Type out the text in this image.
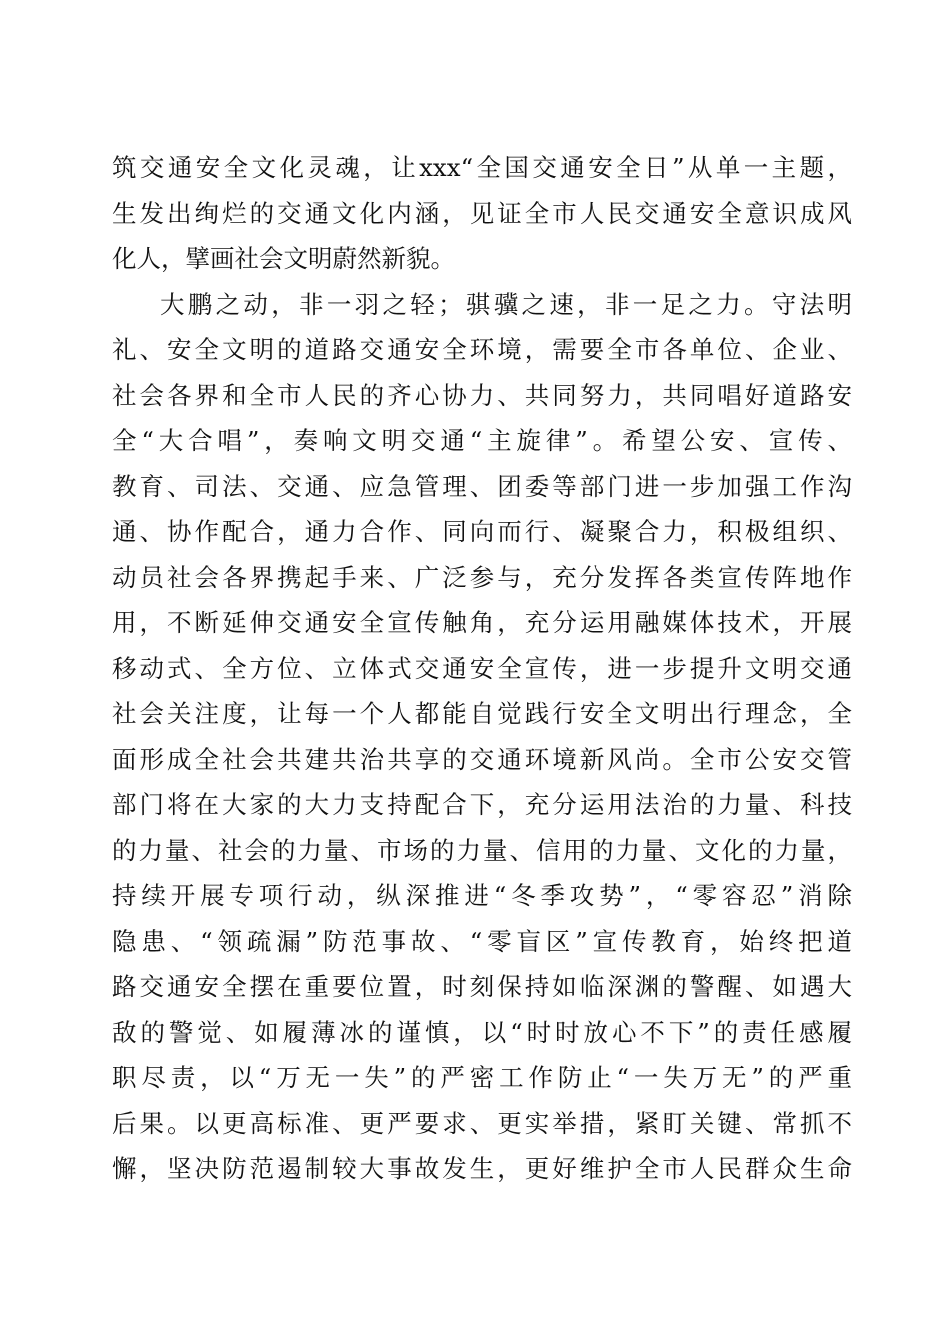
筑交通安全文化灵魂，让xxx“全国交通安全日”从单一主题，
生发出绚烂的交通文化内涵，见证全市人民交通安全意识成风
化人，擘画社会文明蔚然新貌。
大鹏之动，非一羽之轻；骐骥之速，非一足之力。守法明
礼、安全文明的道路交通安全环境，需要全市各单位、企业、
社会各界和全市人民的齐心协力、共同努力，共同唱好道路安
全“大合唱”，奏响文明交通“主旋律”。希望公安、宣传、
教育、司法、交通、应急管理、团委等部门进一步加强工作沟
通、协作配合，通力合作、同向而行、凝聚合力，积极组织、
动员社会各界携起手来、广泛参与，充分发挥各类宣传阵地作
用，不断延伸交通安全宣传触角，充分运用融媒体技术，开展
移动式、全方位、立体式交通安全宣传，进一步提升文明交通
社会关注度，让每一个人都能自觉践行安全文明出行理念，全
面形成全社会共建共治共享的交通环境新风尚。全市公安交管
部门将在大家的大力支持配合下，充分运用法治的力量、科技
的力量、社会的力量、市场的力量、信用的力量、文化的力量，
持续开展专项行动，纵深推进“冬季攻势”，“零容忍”消除
隐患、“领疏漏”防范事故、“零盲区”宣传教育，始终把道
路交通安全摆在重要位置，时刻保持如临深渊的警醒、如遇大
敌的警觉、如履薄冰的谨慎，以“时时放心不下”的责任感履
职尽责，以“万无一失”的严密工作防止“一失万无”的严重
后果。以更高标准、更严要求、更实举措，紧盯关键、常抓不
懈，坚决防范遏制较大事故发生，更好维护全市人民群众生命
